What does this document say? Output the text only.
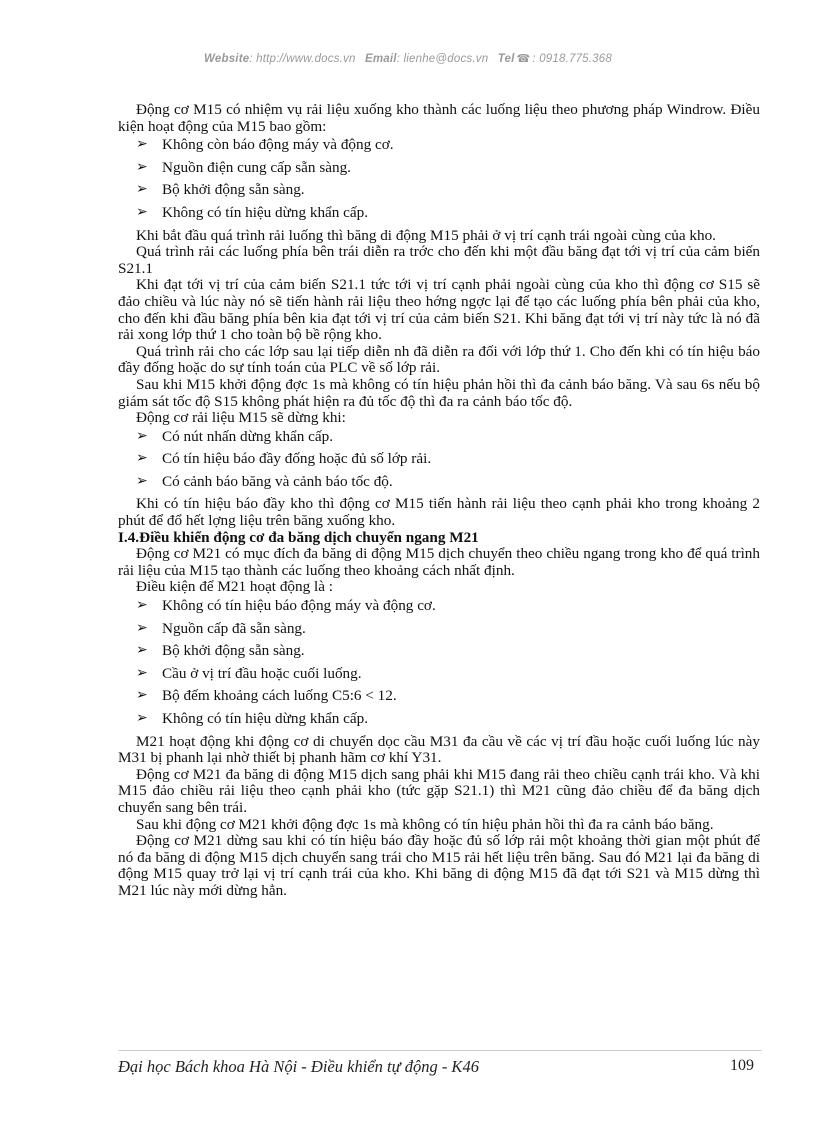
Website: http://www.docs.vn Email: lienhe@docs.vn Tel ☎ : 0918.775.368

Động cơ M15 có nhiệm vụ rải liệu xuống kho thành các luống liệu theo phương pháp Windrow. Điều kiện hoạt động của M15 bao gồm:

➢ Không còn báo động máy và động cơ.
➢ Nguồn điện cung cấp sẵn sàng.
➢ Bộ khởi động sẵn sàng.
➢ Không có tín hiệu dừng khẩn cấp.

Khi bắt đầu quá trình rải luống thì băng di động M15 phải ở vị trí cạnh trái ngoài cùng của kho.

Quá trình rải các luống phía bên trái diễn ra trớc cho đến khi một đầu băng đạt tới vị trí của cảm biến S21.1

Khi đạt tới vị trí của cảm biến S21.1 tức tới vị trí cạnh phải ngoài cùng của kho thì động cơ S15 sẽ đảo chiều và lúc này nó sẽ tiến hành rải liệu theo hớng ngợc lại để tạo các luống phía bên phải của kho, cho đến khi đầu băng phía bên kia đạt tới vị trí của cảm biến S21. Khi băng đạt tới vị trí này tức là nó đã rải xong lớp thứ 1 cho toàn bộ bề rộng kho.

Quá trình rải cho các lớp sau lại tiếp diễn nh đã diễn ra đối với lớp thứ 1. Cho đến khi có tín hiệu báo đầy đống hoặc do sự tính toán của PLC về số lớp rải.

Sau khi M15 khởi động đợc 1s mà không có tín hiệu phản hồi thì đa cảnh báo băng. Và sau 6s nếu bộ giám sát tốc độ S15 không phát hiện ra đủ tốc độ thì đa ra cảnh báo tốc độ.

Động cơ rải liệu M15 sẽ dừng khi:

➢ Có nút nhấn dừng khẩn cấp.
➢ Có tín hiệu báo đầy đống hoặc đủ số lớp rải.
➢ Có cảnh báo băng và cảnh báo tốc độ.

Khi có tín hiệu báo đầy kho thì động cơ M15 tiến hành rải liệu theo cạnh phải kho trong khoảng 2 phút để đổ hết lợng liệu trên băng xuống kho.

I.4.Điều khiển động cơ đa băng dịch chuyển ngang M21

Động cơ M21 có mục đích đa băng di động M15 dịch chuyển theo chiều ngang trong kho để quá trình rải liệu của M15 tạo thành các luống theo khoảng cách nhất định.

Điều kiện để M21 hoạt động là :

➢ Không có tín hiệu báo động máy và động cơ.
➢ Nguồn cấp đã sẵn sàng.
➢ Bộ khởi động sẵn sàng.
➢ Cầu ở vị trí đầu hoặc cuối luống.
➢ Bộ đếm khoảng cách luống C5:6 < 12.
➢ Không có tín hiệu dừng khẩn cấp.

M21 hoạt động khi động cơ di chuyển dọc cầu M31 đa cầu về các vị trí đầu hoặc cuối luống lúc này M31 bị phanh lại nhờ thiết bị phanh hãm cơ khí Y31.

Động cơ M21 đa băng di động M15 dịch sang phải khi M15 đang rải theo chiều cạnh trái kho. Và khi M15 đảo chiều rải liệu theo cạnh phải kho (tức gặp S21.1) thì M21 cũng đảo chiều để đa băng dịch chuyển sang bên trái.

Sau khi động cơ M21 khởi động đợc 1s mà không có tín hiệu phản hồi thì đa ra cảnh báo băng.

Động cơ M21 dừng sau khi có tín hiệu báo đầy hoặc đủ số lớp rải một khoảng thời gian một phút để nó đa băng di động M15 dịch chuyển sang trái cho M15 rải hết liệu trên băng. Sau đó M21 lại đa băng di động M15 quay trở lại vị trí cạnh trái của kho. Khi băng di động M15 đã đạt tới S21 và M15 dừng thì M21 lúc này mới dừng hẳn.

Đại học Bách khoa Hà Nội - Điều khiển tự động - K46	109
